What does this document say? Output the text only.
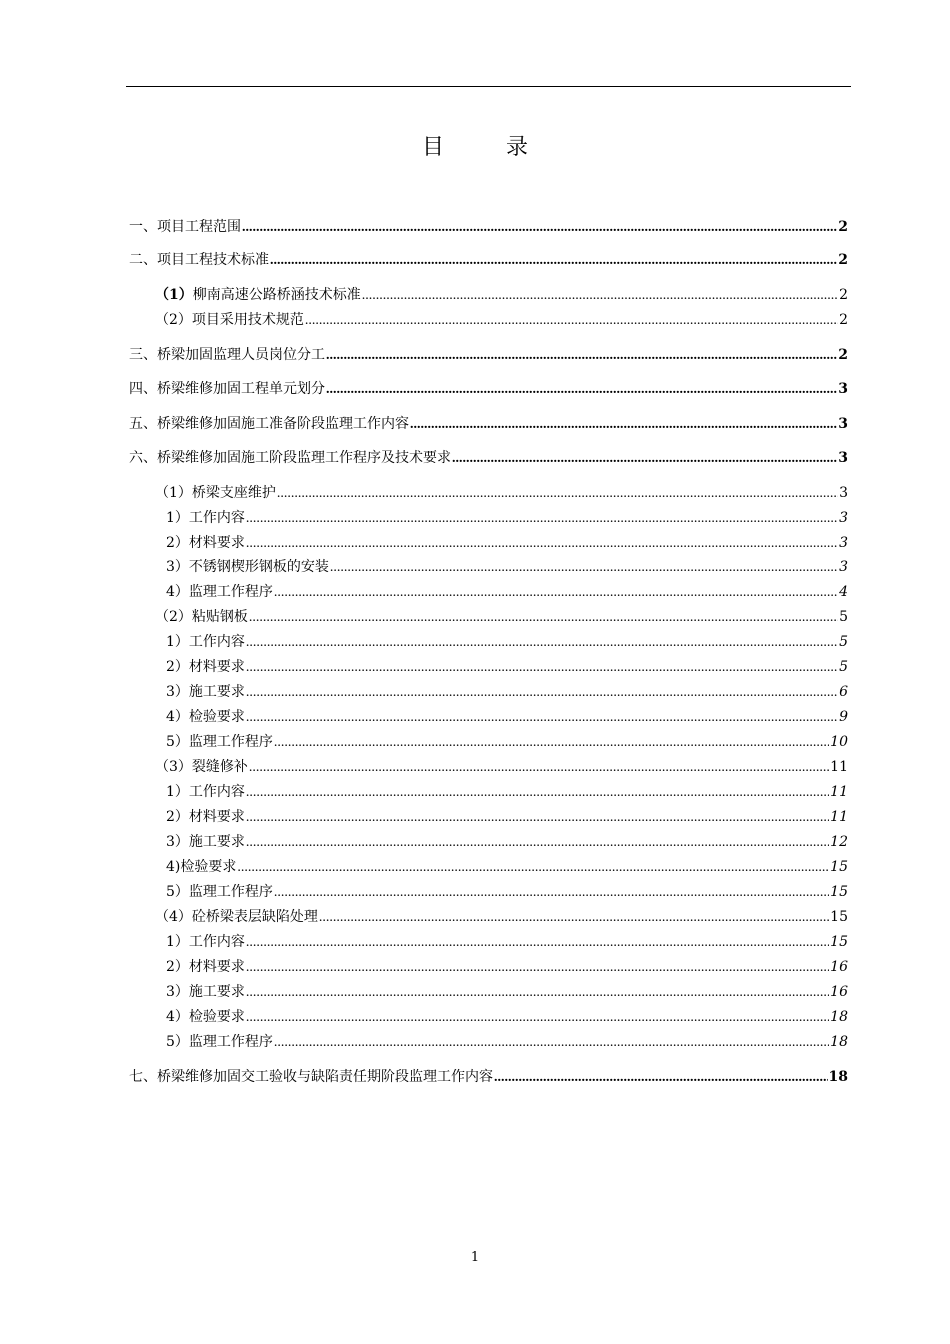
目	录
一、 项目工程范围 .....	2
二、 项目工程技术标准 .....	2
（1） 柳南高速公路桥涵技术标准 .....	2
（2）项目采用技术规范 .....	2
三、 桥梁加固监理人员岗位分工 .....	2
四、 桥梁维修加固工程单元划分 .....	3
五、 桥梁维修加固施工准备阶段监理工作内容 .....	3
六、 桥梁维修加固施工阶段监理工作程序及技术要求 .....	3
（1）桥梁支座维护 .....	3
1）工作内容 .....	3
2）材料要求 .....	3
3）不锈钢楔形钢板的安装 .....	3
4）监理工作程序 .....	4
（2）粘贴钢板 .....	5
1）工作内容 .....	5
2）材料要求 .....	5
3）施工要求 .....	6
4）检验要求 .....	9
5）监理工作程序 .....	10
（3）裂缝修补 .....	11
1）工作内容 .....	11
2）材料要求 .....	11
3）施工要求 .....	12
4)检验要求 .....	15
5）监理工作程序 .....	15
（4）砼桥梁表层缺陷处理 .....	15
1）工作内容 .....	15
2）材料要求 .....	16
3）施工要求 .....	16
4）检验要求 .....	18
5）监理工作程序 .....	18
七、 桥梁维修加固交工验收与缺陷责任期阶段监理工作内容 .....	18
1
